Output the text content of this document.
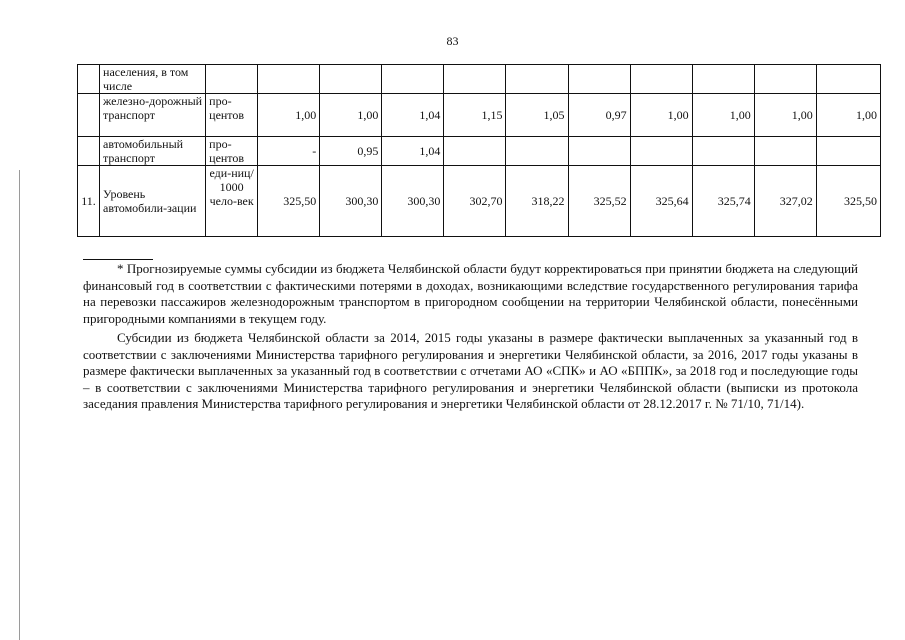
83
	населения, в том числе											
	железно-дорожный транспорт	про-центов	1,00	1,00	1,04	1,15	1,05	0,97	1,00	1,00	1,00	1,00
	автомобильный транспорт	про-центов	-	0,95	1,04							
11.	Уровень автомобили-зации	еди-ниц/ 1000 чело-век	325,50	300,30	300,30	302,70	318,22	325,52	325,64	325,74	327,02	325,50

* Прогнозируемые суммы субсидии из бюджета Челябинской области будут корректироваться при принятии бюджета на следующий финансовый год в соответствии с фактическими потерями в доходах, возникающими вследствие государственного регулирования тарифа на перевозки пассажиров железнодорожным транспортом в пригородном сообщении на территории Челябинской области, понесёнными пригородными компаниями в текущем году.

Субсидии из бюджета Челябинской области за 2014, 2015 годы указаны в размере фактически выплаченных за указанный год в соответствии с заключениями Министерства тарифного регулирования и энергетики Челябинской области, за 2016, 2017 годы указаны в размере фактически выплаченных за указанный год в соответствии с отчетами АО «СПК» и АО «БППК», за 2018 год и последующие годы – в соответствии с заключениями Министерства тарифного регулирования и энергетики Челябинской области (выписки из протокола заседания правления Министерства тарифного регулирования и энергетики Челябинской области от 28.12.2017 г. № 71/10, 71/14).
